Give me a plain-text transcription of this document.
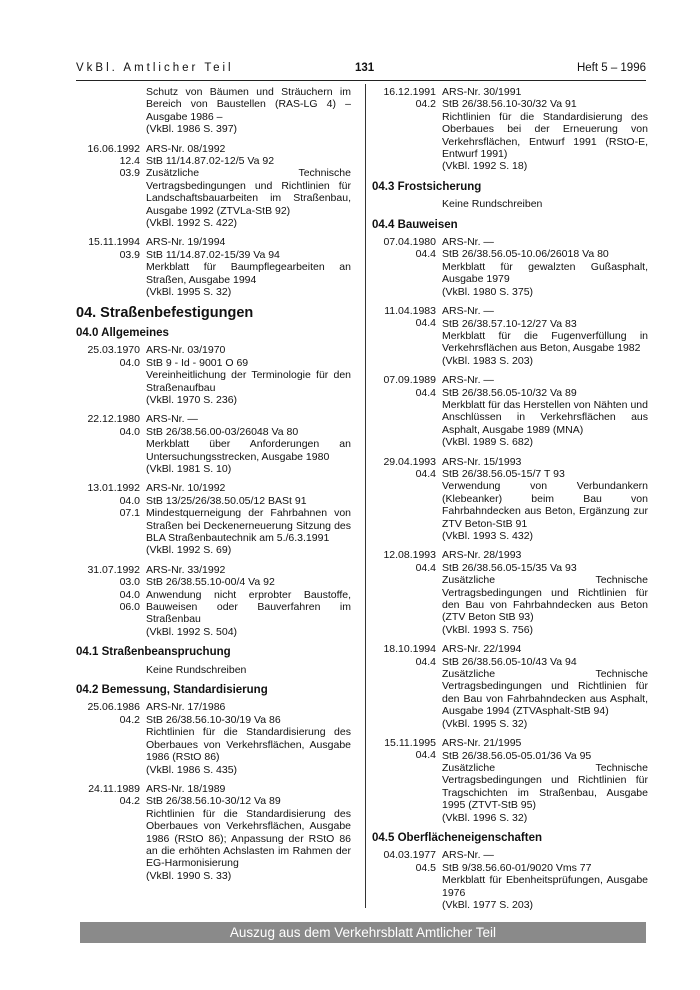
VkBl. Amtlicher Teil	131	Heft 5 – 1996
Schutz von Bäumen und Sträuchern im Bereich von Baustellen (RAS-LG 4) – Ausgabe 1986 –
(VkBl. 1986 S. 397)
16.06.1992
12.4
03.9
ARS-Nr. 08/1992
StB 11/14.87.02-12/5 Va 92
Zusätzliche Technische Vertragsbedingungen und Richtlinien für Landschaftsbauarbeiten im Straßenbau, Ausgabe 1992 (ZTVLa-StB 92)
(VkBl. 1992 S. 422)
15.11.1994
03.9
ARS-Nr. 19/1994
StB 11/14.87.02-15/39 Va 94
Merkblatt für Baumpflegearbeiten an Straßen, Ausgabe 1994
(VkBl. 1995 S. 32)
04. Straßenbefestigungen
04.0 Allgemeines
25.03.1970
04.0
ARS-Nr. 03/1970
StB 9 - Id - 9001 O 69
Vereinheitlichung der Terminologie für den Straßenaufbau
(VkBl. 1970 S. 236)
22.12.1980
04.0
ARS-Nr. —
StB 26/38.56.00-03/26048 Va 80
Merkblatt über Anforderungen an Untersuchungsstrecken, Ausgabe 1980
(VkBl. 1981 S. 10)
13.01.1992
04.0
07.1
ARS-Nr. 10/1992
StB 13/25/26/38.50.05/12 BASt 91
Mindestquerneigung der Fahrbahnen von Straßen bei Deckenerneuerung Sitzung des BLA Straßenbautechnik am 5./6.3.1991
(VkBl. 1992 S. 69)
31.07.1992
03.0
04.0
06.0
ARS-Nr. 33/1992
StB 26/38.55.10-00/4 Va 92
Anwendung nicht erprobter Baustoffe, Bauweisen oder Bauverfahren im Straßenbau
(VkBl. 1992 S. 504)
04.1 Straßenbeanspruchung
Keine Rundschreiben
04.2 Bemessung, Standardisierung
25.06.1986
04.2
ARS-Nr. 17/1986
StB 26/38.56.10-30/19 Va 86
Richtlinien für die Standardisierung des Oberbaues von Verkehrsflächen, Ausgabe 1986 (RStO 86)
(VkBl. 1986 S. 435)
24.11.1989
04.2
ARS-Nr. 18/1989
StB 26/38.56.10-30/12 Va 89
Richtlinien für die Standardisierung des Oberbaues von Verkehrsflächen, Ausgabe 1986 (RStO 86); Anpassung der RStO 86 an die erhöhten Achslasten im Rahmen der EG-Harmonisierung
(VkBl. 1990 S. 33)
16.12.1991
04.2
ARS-Nr. 30/1991
StB 26/38.56.10-30/32 Va 91
Richtlinien für die Standardisierung des Oberbaues bei der Erneuerung von Verkehrsflächen, Entwurf 1991 (RStO-E, Entwurf 1991)
(VkBl. 1992 S. 18)
04.3 Frostsicherung
Keine Rundschreiben
04.4 Bauweisen
07.04.1980
04.4
ARS-Nr. —
StB 26/38.56.05-10.06/26018 Va 80
Merkblatt für gewalzten Gußasphalt, Ausgabe 1979
(VkBl. 1980 S. 375)
11.04.1983
04.4
ARS-Nr. —
StB 26/38.57.10-12/27 Va 83
Merkblatt für die Fugenverfüllung in Verkehrsflächen aus Beton, Ausgabe 1982
(VkBl. 1983 S. 203)
07.09.1989
04.4
ARS-Nr. —
StB 26/38.56.05-10/32 Va 89
Merkblatt für das Herstellen von Nähten und Anschlüssen in Verkehrsflächen aus Asphalt, Ausgabe 1989 (MNA)
(VkBl. 1989 S. 682)
29.04.1993
04.4
ARS-Nr. 15/1993
StB 26/38.56.05-15/7 T 93
Verwendung von Verbundankern (Klebeanker) beim Bau von Fahrbahndecken aus Beton, Ergänzung zur ZTV Beton-StB 91
(VkBl. 1993 S. 432)
12.08.1993
04.4
ARS-Nr. 28/1993
StB 26/38.56.05-15/35 Va 93
Zusätzliche Technische Vertragsbedingungen und Richtlinien für den Bau von Fahrbahndecken aus Beton (ZTV Beton StB 93)
(VkBl. 1993 S. 756)
18.10.1994
04.4
ARS-Nr. 22/1994
StB 26/38.56.05-10/43 Va 94
Zusätzliche Technische Vertragsbedingungen und Richtlinien für den Bau von Fahrbahndecken aus Asphalt, Ausgabe 1994 (ZTVAsphalt-StB 94)
(VkBl. 1995 S. 32)
15.11.1995
04.4
ARS-Nr. 21/1995
StB 26/38.56.05-05.01/36 Va 95
Zusätzliche Technische Vertragsbedingungen und Richtlinien für Tragschichten im Straßenbau, Ausgabe 1995 (ZTVT-StB 95)
(VkBl. 1996 S. 32)
04.5 Oberflächeneigenschaften
04.03.1977
04.5
ARS-Nr. —
StB 9/38.56.60-01/9020 Vms 77
Merkblatt für Ebenheitsprüfungen, Ausgabe 1976
(VkBl. 1977 S. 203)
Auszug aus dem Verkehrsblatt Amtlicher Teil
